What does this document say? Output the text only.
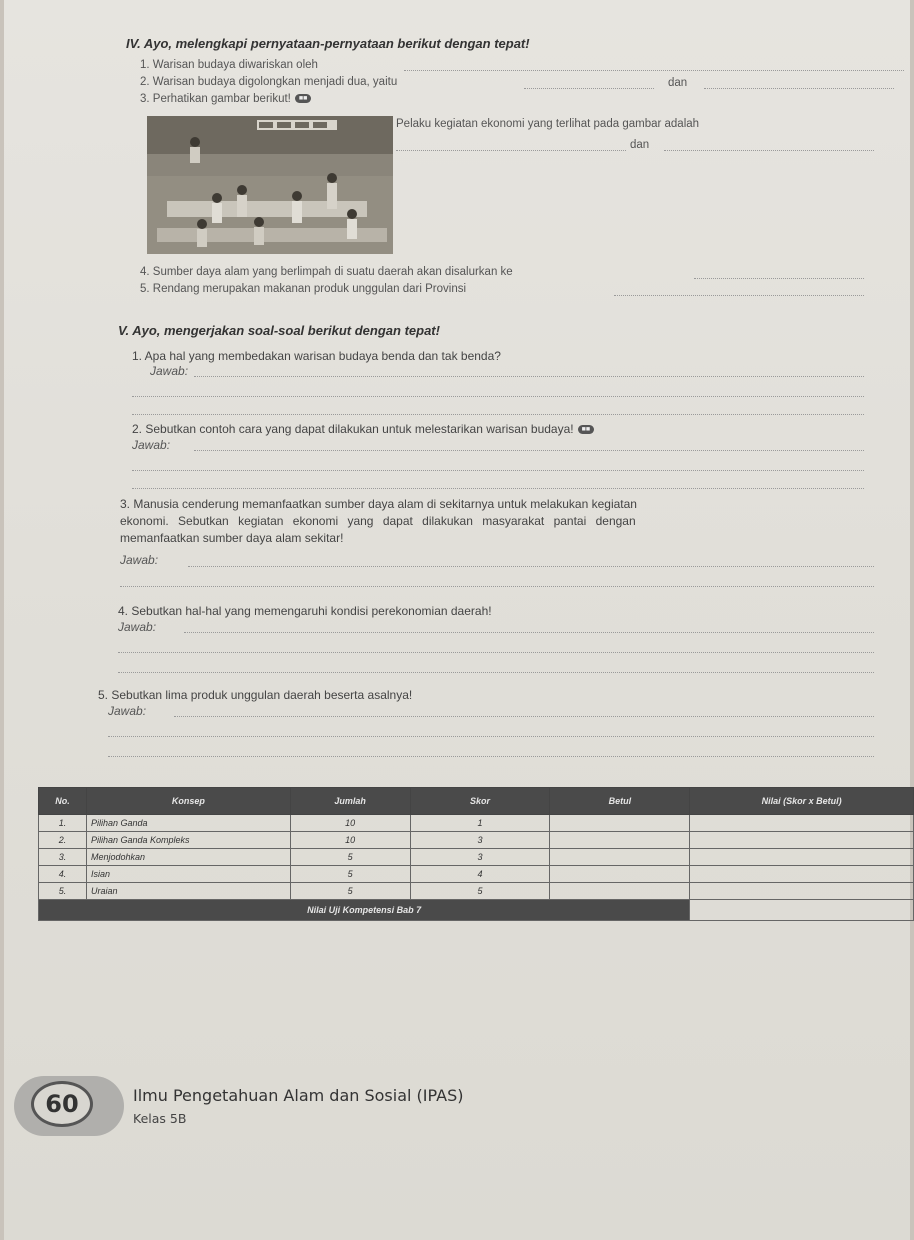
IV. Ayo, melengkapi pernyataan-pernyataan berikut dengan tepat!
1. Warisan budaya diwariskan oleh
2. Warisan budaya digolongkan menjadi dua, yaitu	dan
3. Perhatikan gambar berikut! ■■
Pelaku kegiatan ekonomi yang terlihat pada gambar adalah
dan
4. Sumber daya alam yang berlimpah di suatu daerah akan disalurkan ke
5. Rendang merupakan makanan produk unggulan dari Provinsi
V. Ayo, mengerjakan soal-soal berikut dengan tepat!
1. Apa hal yang membedakan warisan budaya benda dan tak benda?
Jawab:
2. Sebutkan contoh cara yang dapat dilakukan untuk melestarikan warisan budaya! ■■
Jawab:
3. Manusia cenderung memanfaatkan sumber daya alam di sekitarnya untuk melakukan kegiatan
ekonomi. Sebutkan kegiatan ekonomi yang dapat dilakukan masyarakat pantai dengan
memanfaatkan sumber daya alam sekitar!
Jawab:
4. Sebutkan hal-hal yang memengaruhi kondisi perekonomian daerah!
Jawab:
5. Sebutkan lima produk unggulan daerah beserta asalnya!
Jawab:
No.	Konsep	Jumlah	Skor	Betul	Nilai (Skor x Betul)
1.	Pilihan Ganda	10	1		
2.	Pilihan Ganda Kompleks	10	3		
3.	Menjodohkan	5	3		
4.	Isian	5	4		
5.	Uraian	5	5		
Nilai Uji Kompetensi Bab 7					
60	Ilmu Pengetahuan Alam dan Sosial (IPAS)
Kelas 5B
